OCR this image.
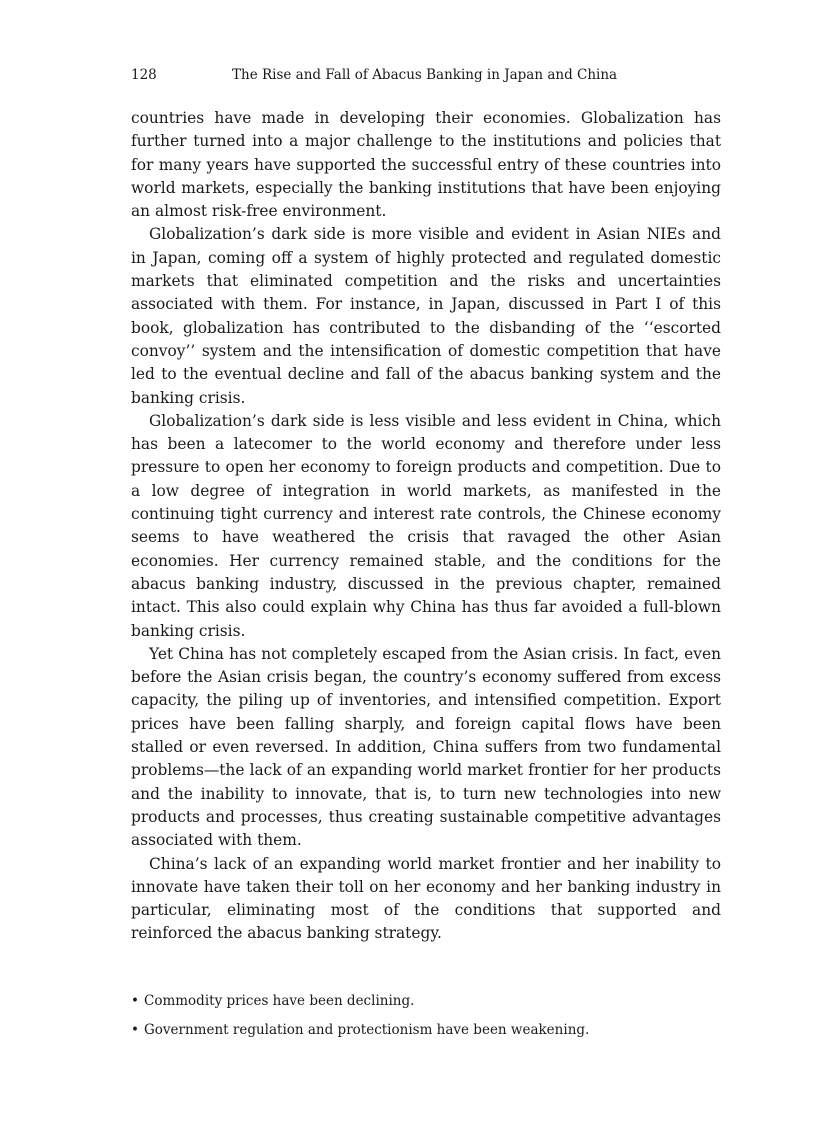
128	The Rise and Fall of Abacus Banking in Japan and China

countries have made in developing their economies. Globalization has further turned into a major challenge to the institutions and policies that for many years have supported the successful entry of these countries into world markets, especially the banking institutions that have been enjoying an almost risk-free environment.

Globalization’s dark side is more visible and evident in Asian NIEs and in Japan, coming off a system of highly protected and regulated domestic markets that eliminated competition and the risks and uncertainties associated with them. For instance, in Japan, discussed in Part I of this book, globalization has contributed to the disbanding of the ‘‘escorted convoy’’ system and the intensification of domestic competition that have led to the eventual decline and fall of the abacus banking system and the banking crisis.

Globalization’s dark side is less visible and less evident in China, which has been a latecomer to the world economy and therefore under less pressure to open her economy to foreign products and competition. Due to a low degree of integration in world markets, as manifested in the continuing tight currency and interest rate controls, the Chinese economy seems to have weathered the crisis that ravaged the other Asian economies. Her currency remained stable, and the conditions for the abacus banking industry, discussed in the previous chapter, remained intact. This also could explain why China has thus far avoided a full-blown banking crisis.

Yet China has not completely escaped from the Asian crisis. In fact, even before the Asian crisis began, the country’s economy suffered from excess capacity, the piling up of inventories, and intensified competition. Export prices have been falling sharply, and foreign capital flows have been stalled or even reversed. In addition, China suffers from two fundamental problems—the lack of an expanding world market frontier for her products and the inability to innovate, that is, to turn new technologies into new products and processes, thus creating sustainable competitive advantages associated with them.

China’s lack of an expanding world market frontier and her inability to innovate have taken their toll on her economy and her banking industry in particular, eliminating most of the conditions that supported and reinforced the abacus banking strategy.

• Commodity prices have been declining.
• Government regulation and protectionism have been weakening.
